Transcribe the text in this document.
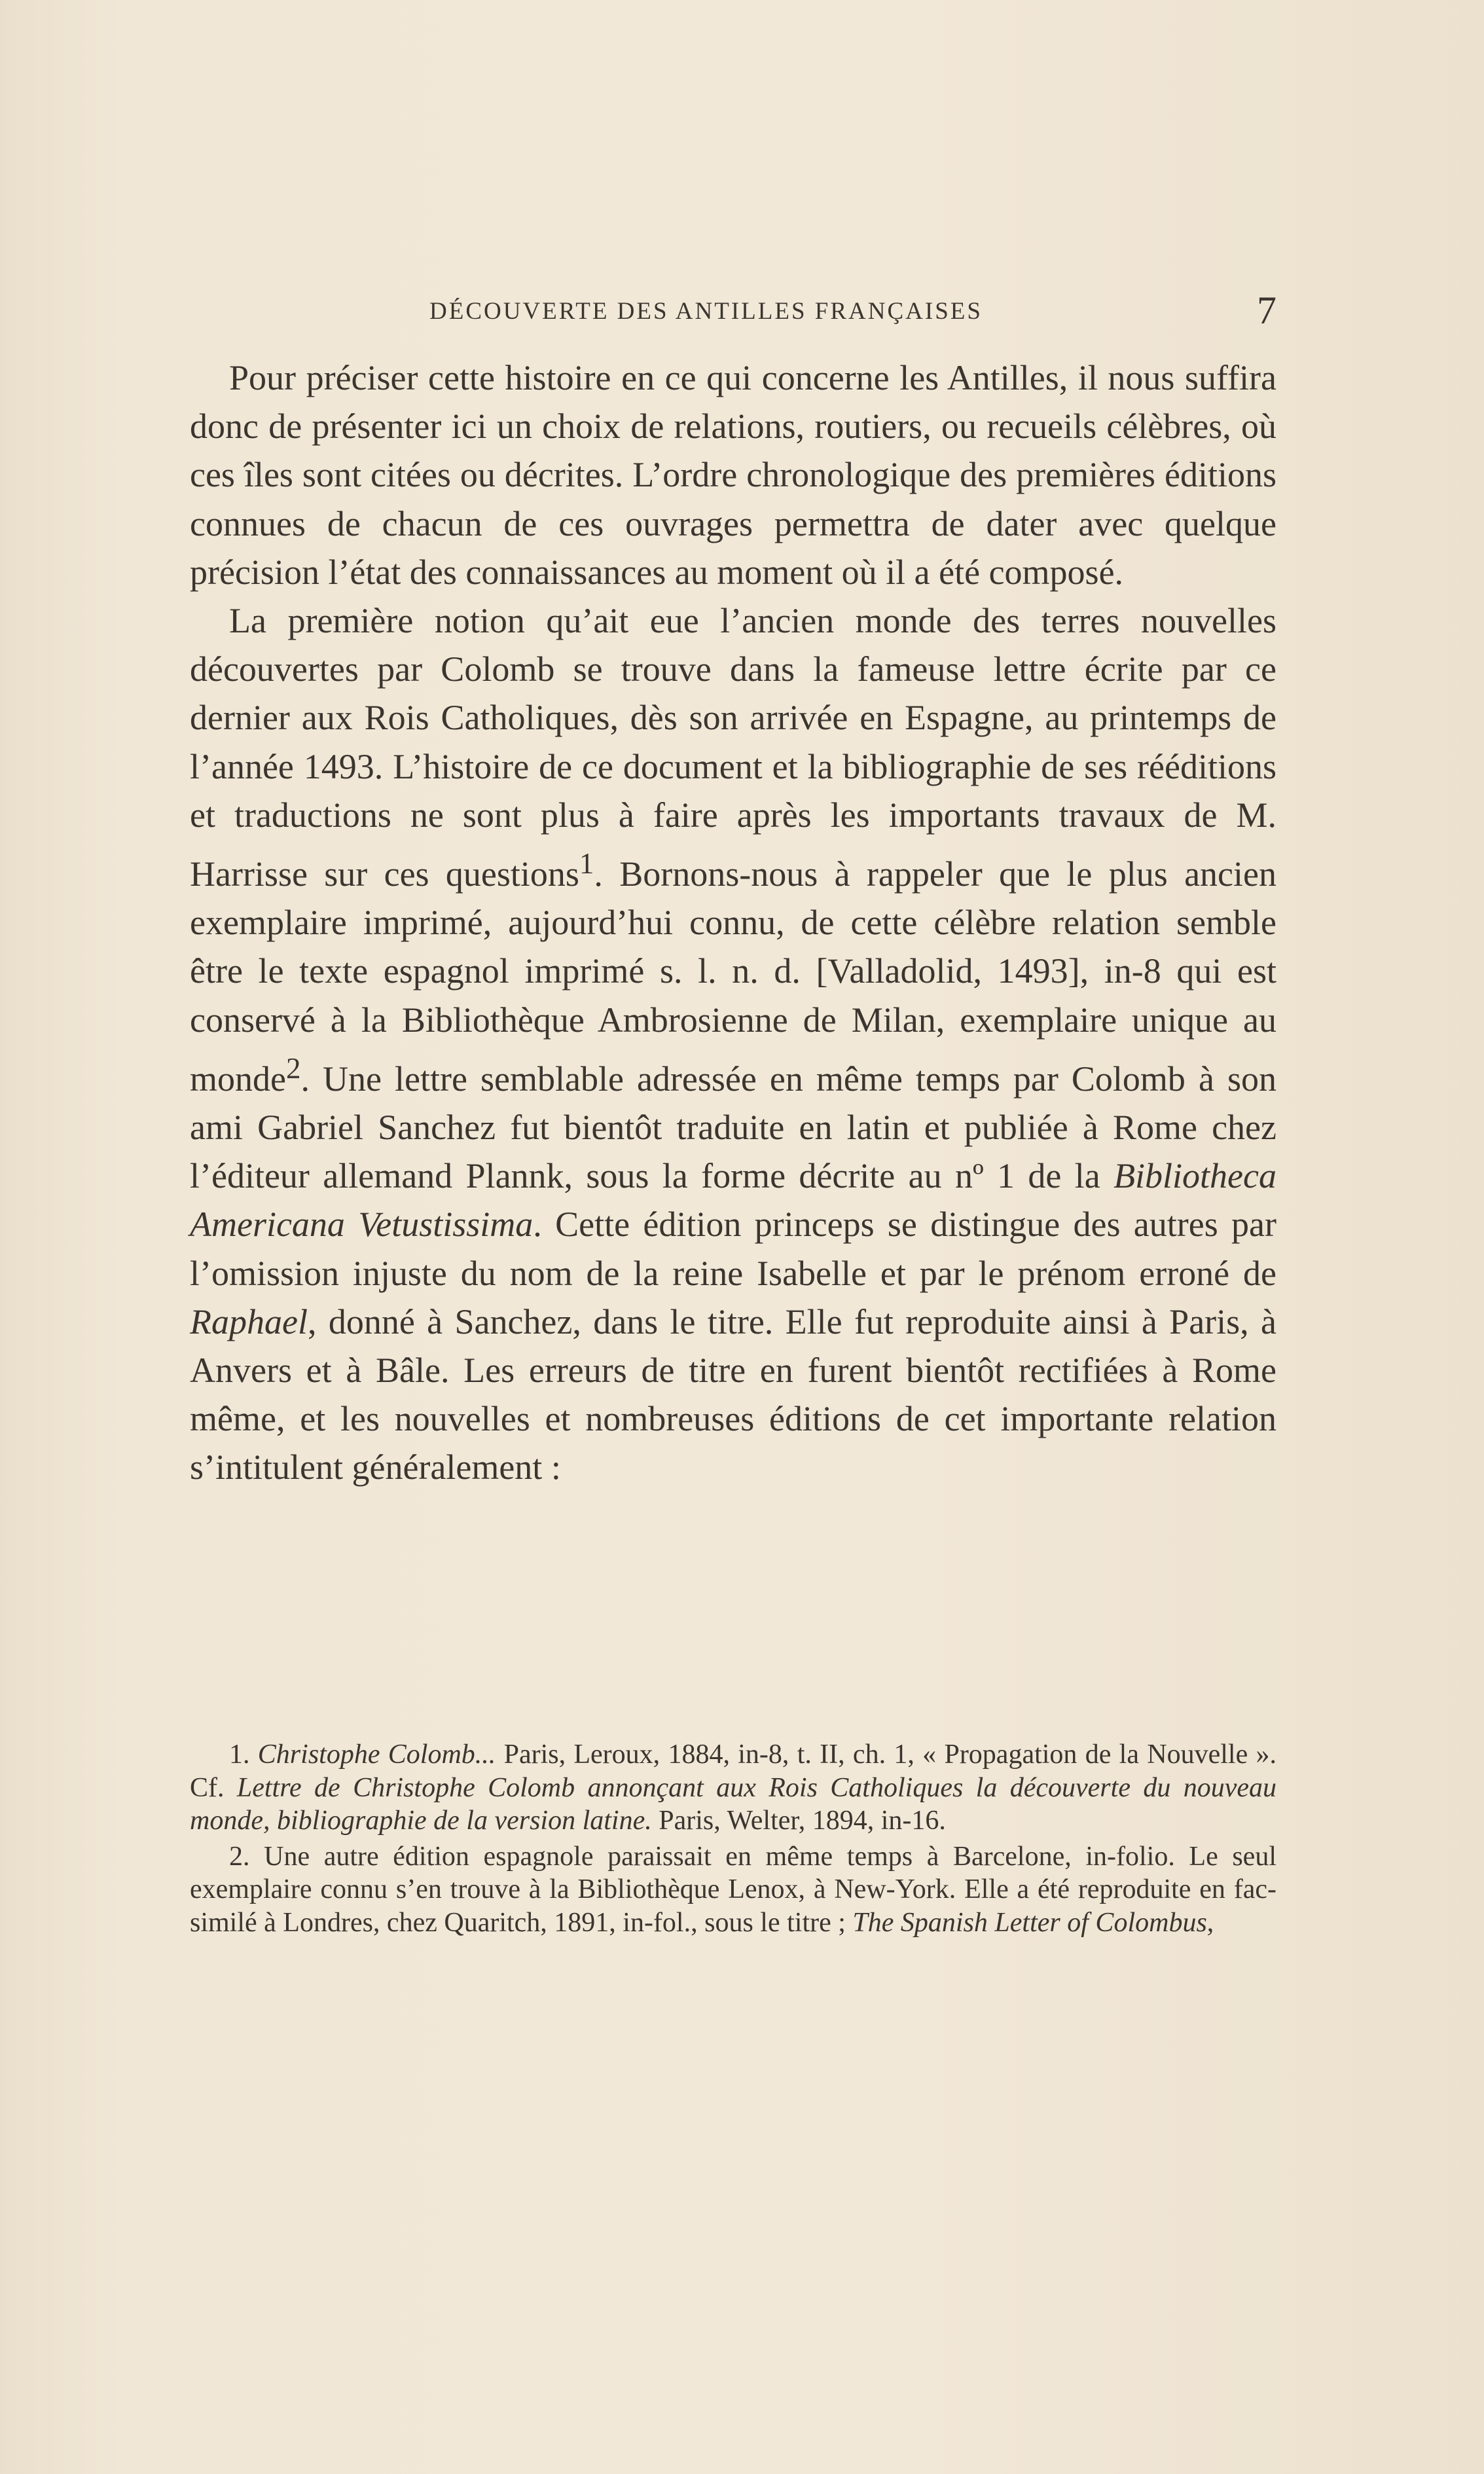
DÉCOUVERTE DES ANTILLES FRANÇAISES	7

Pour préciser cette histoire en ce qui concerne les Antilles, il nous suffira donc de présenter ici un choix de relations, routiers, ou recueils célèbres, où ces îles sont citées ou décrites. L’ordre chronologique des premières éditions connues de chacun de ces ouvrages permettra de dater avec quelque précision l’état des connaissances au moment où il a été composé.

La première notion qu’ait eue l’ancien monde des terres nouvelles découvertes par Colomb se trouve dans la fameuse lettre écrite par ce dernier aux Rois Catholiques, dès son arrivée en Espagne, au printemps de l’année 1493. L’histoire de ce document et la bibliographie de ses rééditions et traductions ne sont plus à faire après les importants travaux de M. Harrisse sur ces questions$^1$. Bornons-nous à rappeler que le plus ancien exemplaire imprimé, aujourd’hui connu, de cette célèbre relation semble être le texte espagnol imprimé s. l. n. d. [Valladolid, 1493], in-8 qui est conservé à la Bibliothèque Ambrosienne de Milan, exemplaire unique au monde$^2$. Une lettre semblable adressée en même temps par Colomb à son ami Gabriel Sanchez fut bientôt traduite en latin et publiée à Rome chez l’éditeur allemand Plannk, sous la forme décrite au nº 1 de la Bibliotheca Americana Vetustissima. Cette édition princeps se distingue des autres par l’omission injuste du nom de la reine Isabelle et par le prénom erroné de Raphael, donné à Sanchez, dans le titre. Elle fut reproduite ainsi à Paris, à Anvers et à Bâle. Les erreurs de titre en furent bientôt rectifiées à Rome même, et les nouvelles et nombreuses éditions de cet importante relation s’intitulent généralement :

1. Christophe Colomb... Paris, Leroux, 1884, in-8, t. II, ch. 1, « Propagation de la Nouvelle ». Cf. Lettre de Christophe Colomb annonçant aux Rois Catholiques la découverte du nouveau monde, bibliographie de la version latine. Paris, Welter, 1894, in-16.

2. Une autre édition espagnole paraissait en même temps à Barcelone, in-folio. Le seul exemplaire connu s’en trouve à la Bibliothèque Lenox, à New-York. Elle a été reproduite en fac-similé à Londres, chez Quaritch, 1891, in-fol., sous le titre ; The Spanish Letter of Colombus,
